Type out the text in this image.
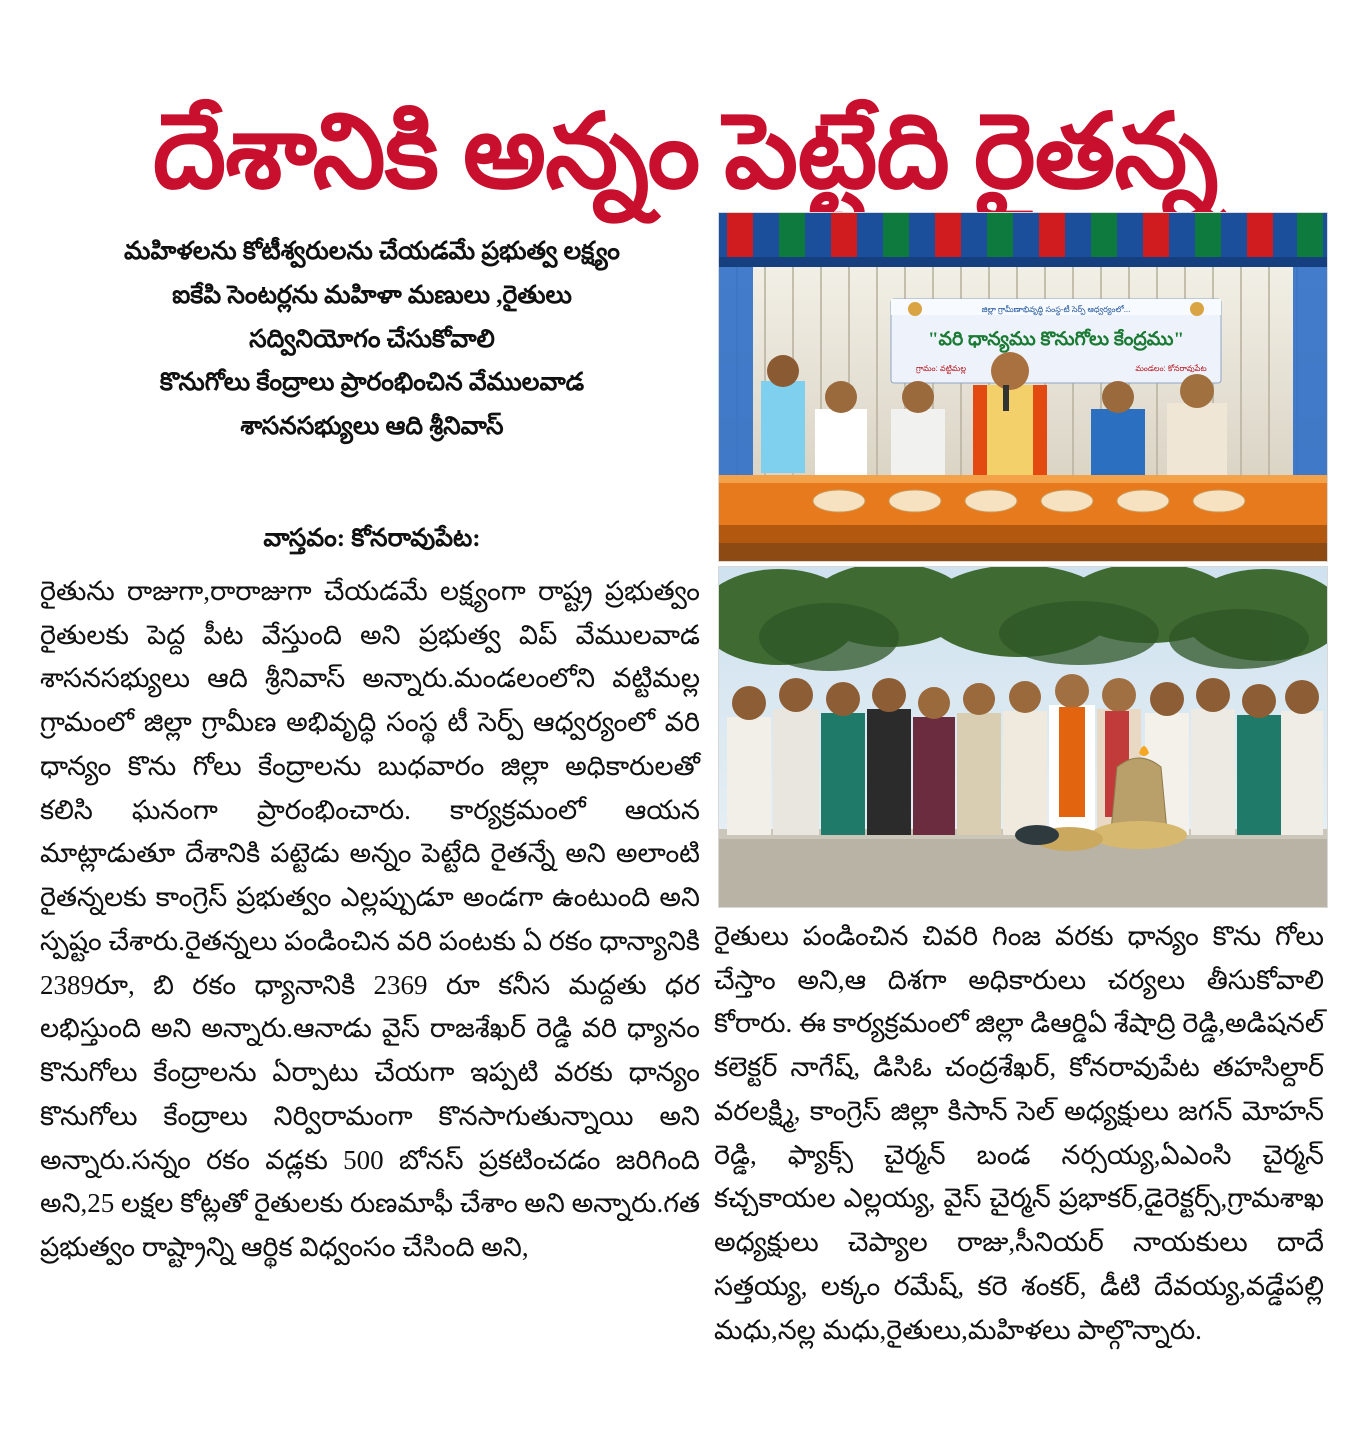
దేశానికి అన్నం పెట్టేది రైతన్న
మహిళలను కోటీశ్వరులను చేయడమే ప్రభుత్వ లక్ష్యం
ఐకేపి సెంటర్లను మహిళా మణులు ,రైతులు
సద్వినియోగం చేసుకోవాలి
కొనుగోలు కేంద్రాలు ప్రారంభించిన వేములవాడ
శాసనసభ్యులు ఆది శ్రీనివాస్
వాస్తవం: కోనరావుపేట:
రైతును రాజుగా,రారాజుగా చేయడమే లక్ష్యంగా రాష్ట్ర ప్రభుత్వం రైతులకు పెద్ద పీట వేస్తుంది అని ప్రభుత్వ విప్ వేములవాడ శాసనసభ్యులు ఆది శ్రీనివాస్ అన్నారు.మండలంలోని వట్టిమల్ల గ్రామంలో జిల్లా గ్రామీణ అభివృద్ధి సంస్థ టీ సెర్ప్ ఆధ్వర్యంలో వరి ధాన్యం కొను గోలు కేంద్రాలను బుధవారం జిల్లా అధికారులతో కలిసి ఘనంగా ప్రారంభించారు. కార్యక్రమంలో ఆయన మాట్లాడుతూ దేశానికి పట్టెడు అన్నం పెట్టేది రైతన్నే అని అలాంటి రైతన్నలకు కాంగ్రెస్ ప్రభుత్వం ఎల్లప్పుడూ అండగా ఉంటుంది అని స్పష్టం చేశారు.రైతన్నలు పండించిన వరి పంటకు ఏ రకం ధాన్యానికి 2389రూ, బి రకం ధ్యానానికి 2369 రూ కనీస మద్దతు ధర లభిస్తుంది అని అన్నారు.ఆనాడు వైస్ రాజశేఖర్ రెడ్డి వరి ధ్యానం కొనుగోలు కేంద్రాలను ఏర్పాటు చేయగా ఇప్పటి వరకు ధాన్యం కొనుగోలు కేంద్రాలు నిర్విరామంగా కొనసాగుతున్నాయి అని అన్నారు.సన్నం రకం వడ్లకు 500 బోనస్ ప్రకటించడం జరిగింది అని,25 లక్షల కోట్లతో రైతులకు రుణమాఫీ చేశాం అని అన్నారు.గత ప్రభుత్వం రాష్ట్రాన్ని ఆర్థిక విధ్వంసం చేసింది అని,
రైతులు పండించిన చివరి గింజ వరకు ధాన్యం కొను గోలు చేస్తాం అని,ఆ దిశగా అధికారులు చర్యలు తీసుకోవాలి కోరారు. ఈ కార్యక్రమంలో జిల్లా డిఆర్డిఏ శేషాద్రి రెడ్డి,అడిషనల్ కలెక్టర్ నాగేష్, డిసిఓ చంద్రశేఖర్, కోనరావుపేట తహసిల్దార్ వరలక్ష్మి, కాంగ్రెస్ జిల్లా కిసాన్ సెల్ అధ్యక్షులు జగన్ మోహన్ రెడ్డి, ఫ్యాక్స్ చైర్మన్ బండ నర్సయ్య,ఏఎంసి చైర్మన్ కచ్చకాయల ఎల్లయ్య, వైస్ చైర్మన్ ప్రభాకర్,డైరెక్టర్స్,గ్రామశాఖ అధ్యక్షులు చెప్యాల రాజు,సీనియర్ నాయకులు దాదే సత్తయ్య, లక్కం రమేష్, కరె శంకర్, డీటి దేవయ్య,వడ్డేపల్లి మధు,నల్ల మధు,రైతులు,మహిళలు పాల్గొన్నారు.
జిల్లా గ్రామీణాభివృద్ధి సంస్థ-టీ సెర్ప్ ఆధ్వర్యంలో...
"వరి ధాన్యము కొనుగోలు కేంద్రము"
గ్రామం: వట్టిమల్ల	మండలం: కోనరావుపేట
